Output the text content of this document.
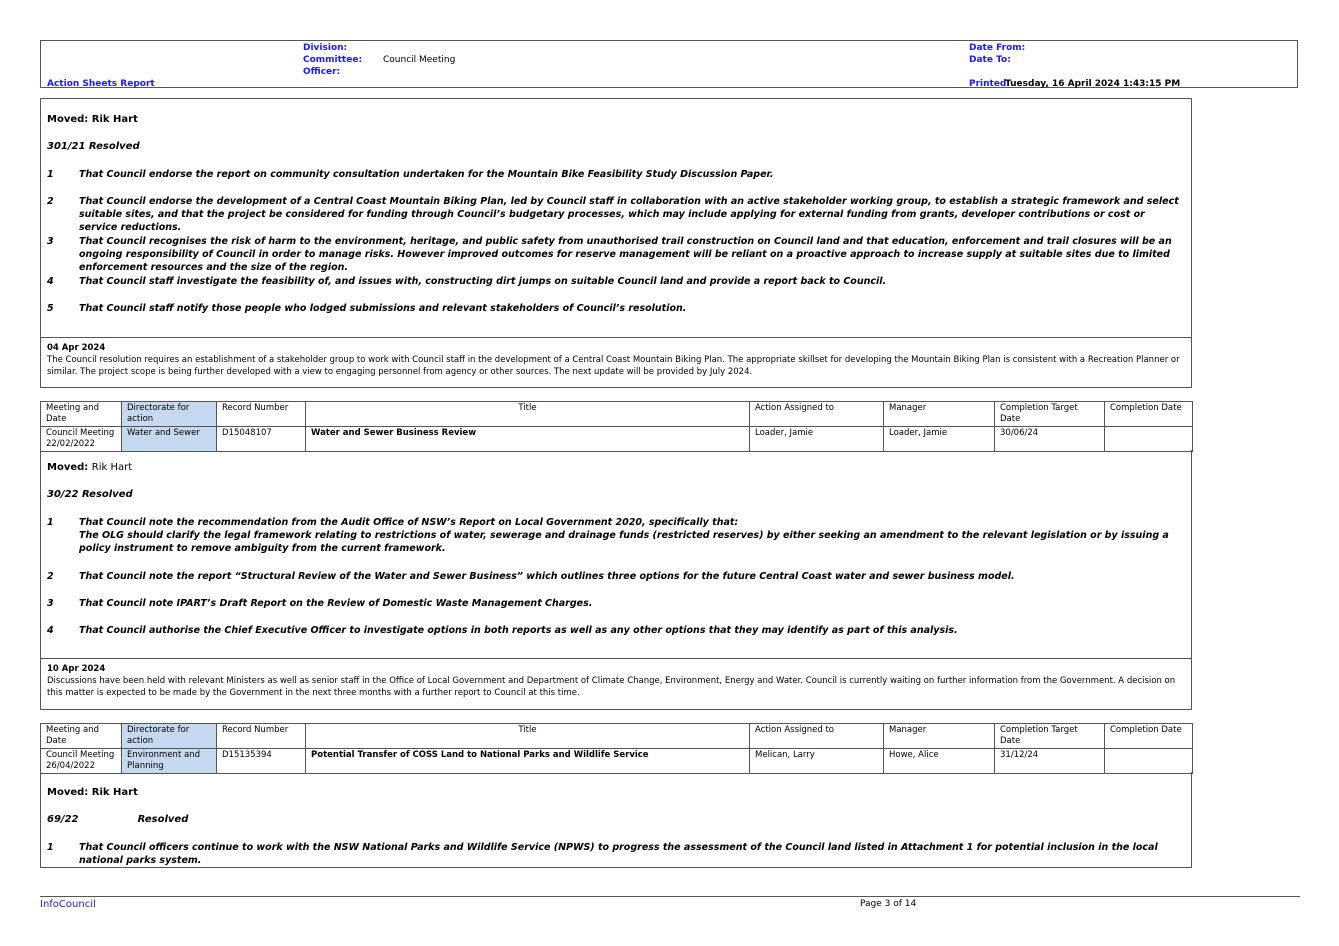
Division:
Committee: Council Meeting
Officer:
Action Sheets Report
Date From:
Date To:
Printed:
Tuesday, 16 April 2024 1:43:15 PM
Moved: Rik Hart
301/21 Resolved
1	That Council endorse the report on community consultation undertaken for the Mountain Bike Feasibility Study Discussion Paper.
2	That Council endorse the development of a Central Coast Mountain Biking Plan, led by Council staff in collaboration with an active stakeholder working group, to establish a strategic framework and select suitable sites, and that the project be considered for funding through Council’s budgetary processes, which may include applying for external funding from grants, developer contributions or cost or service reductions.
3	That Council recognises the risk of harm to the environment, heritage, and public safety from unauthorised trail construction on Council land and that education, enforcement and trail closures will be an ongoing responsibility of Council in order to manage risks. However improved outcomes for reserve management will be reliant on a proactive approach to increase supply at suitable sites due to limited enforcement resources and the size of the region.
4	That Council staff investigate the feasibility of, and issues with, constructing dirt jumps on suitable Council land and provide a report back to Council.
5	That Council staff notify those people who lodged submissions and relevant stakeholders of Council’s resolution.
04 Apr 2024
The Council resolution requires an establishment of a stakeholder group to work with Council staff in the development of a Central Coast Mountain Biking Plan. The appropriate skillset for developing the Mountain Biking Plan is consistent with a Recreation Planner or similar. The project scope is being further developed with a view to engaging personnel from agency or other sources. The next update will be provided by July 2024.
Meeting and Date	Directorate for action	Record Number	Title	Action Assigned to	Manager	Completion Target Date	Completion Date
Council Meeting 22/02/2022	Water and Sewer	D15048107	Water and Sewer Business Review	Loader, Jamie	Loader, Jamie	30/06/24	
Moved: Rik Hart
30/22 Resolved
1	That Council note the recommendation from the Audit Office of NSW’s Report on Local Government 2020, specifically that:
The OLG should clarify the legal framework relating to restrictions of water, sewerage and drainage funds (restricted reserves) by either seeking an amendment to the relevant legislation or by issuing a policy instrument to remove ambiguity from the current framework.
2	That Council note the report “Structural Review of the Water and Sewer Business” which outlines three options for the future Central Coast water and sewer business model.
3	That Council note IPART’s Draft Report on the Review of Domestic Waste Management Charges.
4	That Council authorise the Chief Executive Officer to investigate options in both reports as well as any other options that they may identify as part of this analysis.
10 Apr 2024
Discussions have been held with relevant Ministers as well as senior staff in the Office of Local Government and Department of Climate Change, Environment, Energy and Water. Council is currently waiting on further information from the Government. A decision on this matter is expected to be made by the Government in the next three months with a further report to Council at this time.
Meeting and Date	Directorate for action	Record Number	Title	Action Assigned to	Manager	Completion Target Date	Completion Date
Council Meeting 26/04/2022	Environment and Planning	D15135394	Potential Transfer of COSS Land to National Parks and Wildlife Service	Melican, Larry	Howe, Alice	31/12/24	
Moved: Rik Hart
69/22                 Resolved
1	That Council officers continue to work with the NSW National Parks and Wildlife Service (NPWS) to progress the assessment of the Council land listed in Attachment 1 for potential inclusion in the local national parks system.
InfoCouncil	Page 3 of 14
